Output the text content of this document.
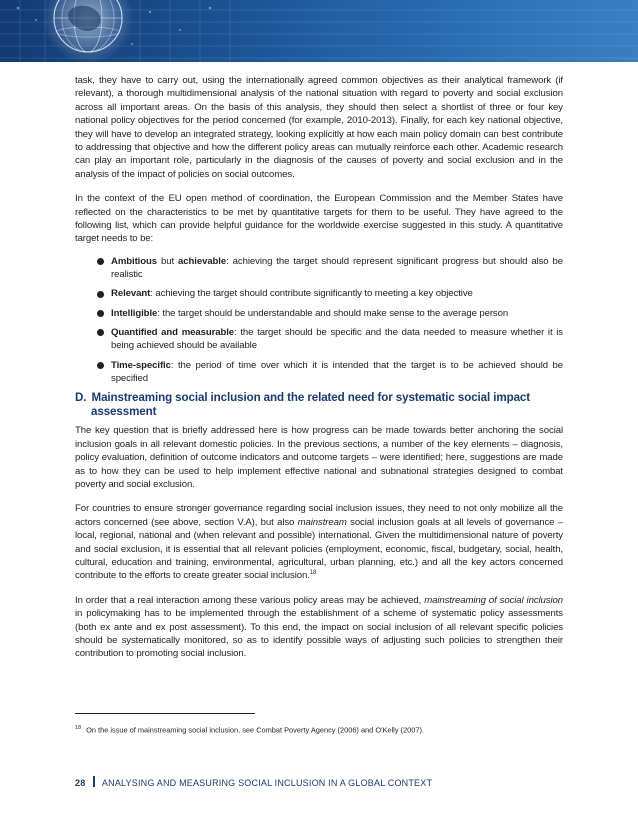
task, they have to carry out, using the internationally agreed common objectives as their analytical framework (if relevant), a thorough multidimensional analysis of the national situation with regard to poverty and social exclusion across all important areas. On the basis of this analysis, they should then select a shortlist of three or four key national policy objectives for the period concerned (for example, 2010-2013). Finally, for each key national objective, they will have to develop an integrated strategy, looking explicitly at how each main policy domain can best contribute to addressing that objective and how the different policy areas can mutually reinforce each other. Academic research can play an important role, particularly in the diagnosis of the causes of poverty and social exclusion and in the analysis of the impact of policies on social outcomes.

In the context of the EU open method of coordination, the European Commission and the Member States have reflected on the characteristics to be met by quantitative targets for them to be useful. They have agreed to the following list, which can provide helpful guidance for the worldwide exercise suggested in this study. A quantitative target needs to be:

Ambitious but achievable: achieving the target should represent significant progress but should also be realistic
Relevant: achieving the target should contribute significantly to meeting a key objective
Intelligible: the target should be understandable and should make sense to the average person
Quantified and measurable: the target should be specific and the data needed to measure whether it is being achieved should be available
Time-specific: the period of time over which it is intended that the target is to be achieved should be specified
D. Mainstreaming social inclusion and the related need for systematic social impact assessment

The key question that is briefly addressed here is how progress can be made towards better anchoring the social inclusion goals in all relevant domestic policies. In the previous sections, a number of the key elements – diagnosis, policy evaluation, definition of outcome indicators and outcome targets – were identified; here, suggestions are made as to how they can be used to help implement effective national and subnational strategies designed to combat poverty and social exclusion.

For countries to ensure stronger governance regarding social inclusion issues, they need to not only mobilize all the actors concerned (see above, section V.A), but also mainstream social inclusion goals at all levels of governance – local, regional, national and (when relevant and possible) international. Given the multidimensional nature of poverty and social exclusion, it is essential that all relevant policies (employment, economic, fiscal, budgetary, social, health, cultural, education and training, environmental, agricultural, urban planning, etc.) and all the key actors concerned contribute to the efforts to create greater social inclusion.$^{18}$

In order that a real interaction among these various policy areas may be achieved, mainstreaming of social inclusion in policymaking has to be implemented through the establishment of a scheme of systematic policy assessments (both ex ante and ex post assessment). To this end, the impact on social inclusion of all relevant specific policies should be systematically monitored, so as to identify possible ways of adjusting such policies to strengthen their contribution to promoting social inclusion.

$^{18}$ On the issue of mainstreaming social inclusion, see Combat Poverty Agency (2006) and O'Kelly (2007).
28 ANALYSING AND MEASURING SOCIAL INCLUSION IN A GLOBAL CONTEXT
